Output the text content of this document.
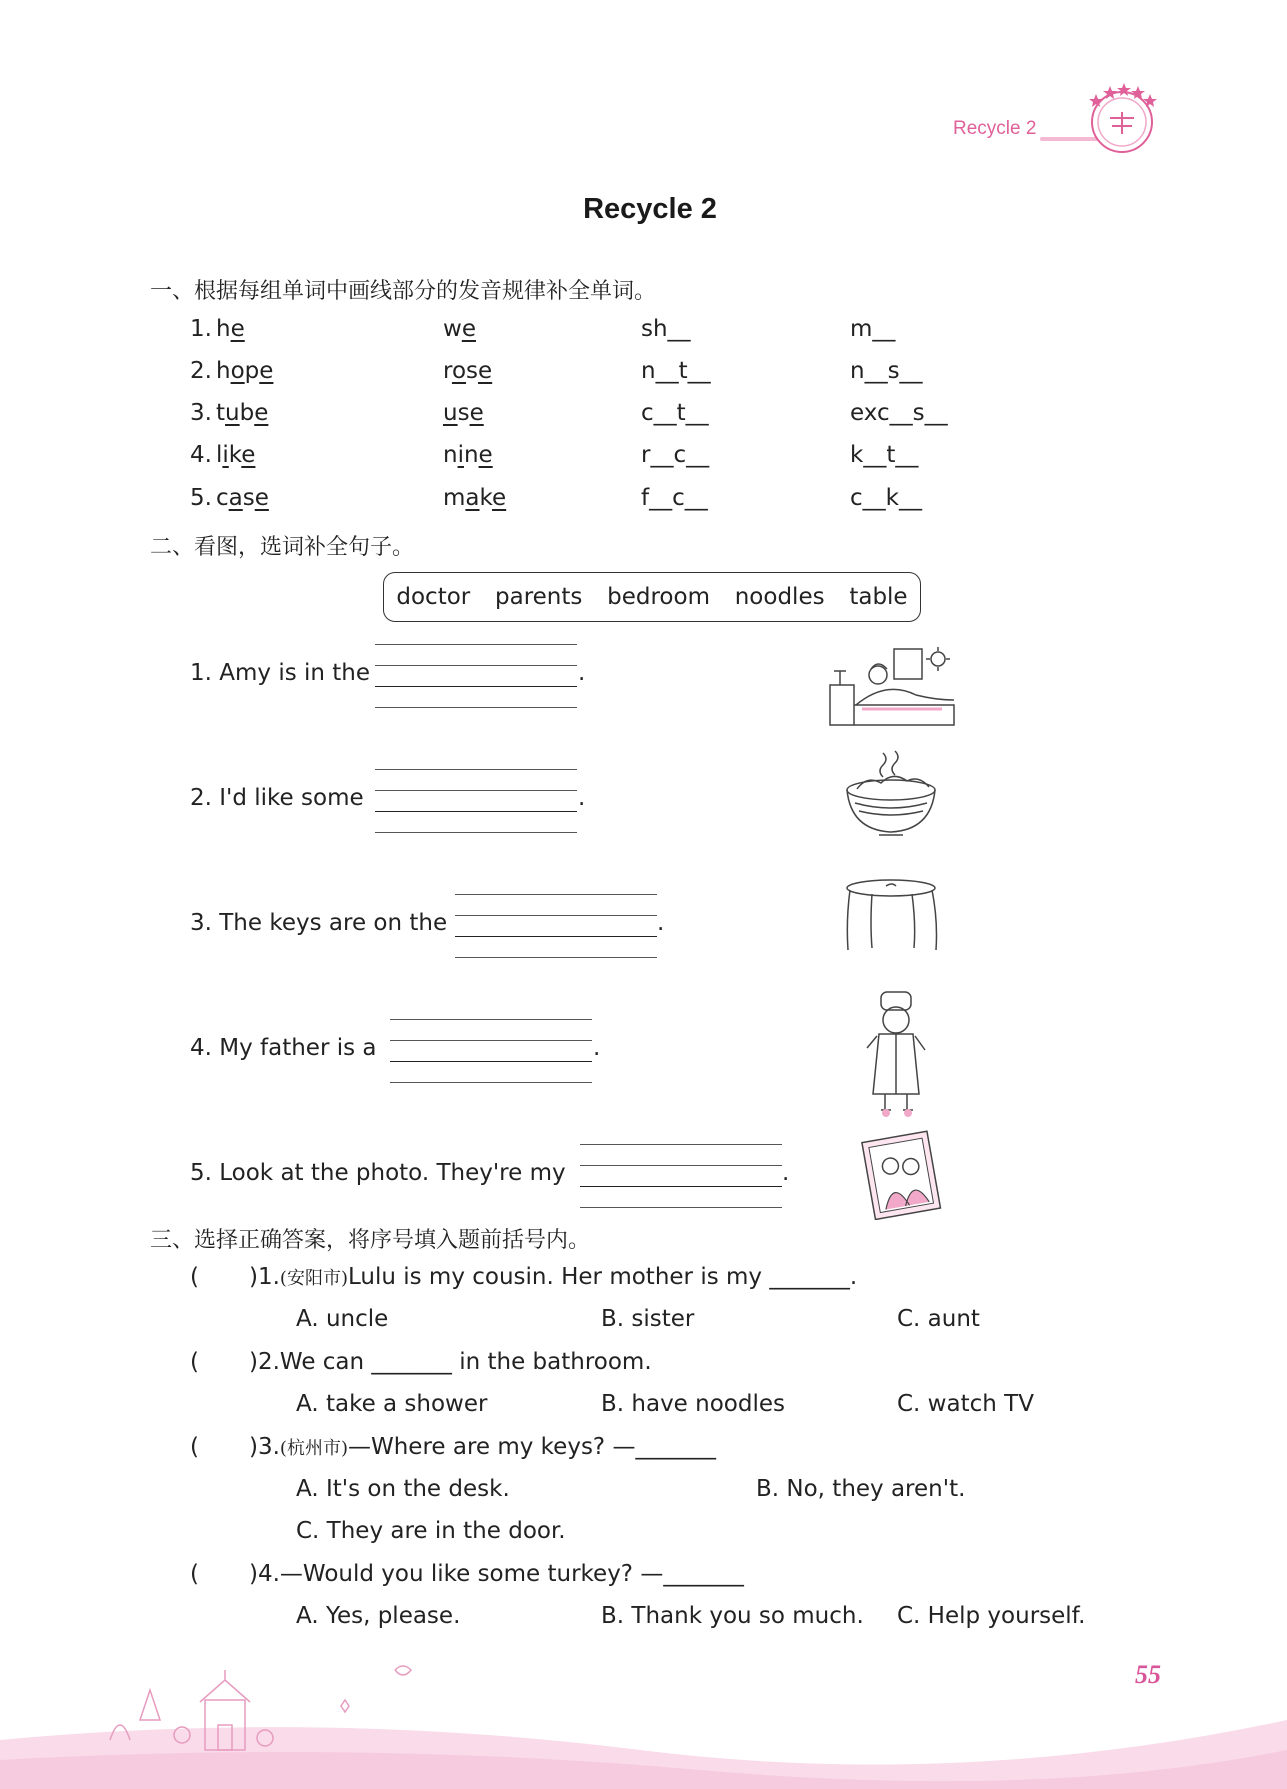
Recycle 2
Recycle 2
一、根据每组单词中画线部分的发音规律补全单词。
1. he	we	sh__	m__
2. hope	rose	n__t__	n__s__
3. tube	use	c__t__	exc__s__
4. like	nine	r__c__	k__t__
5. case	make	f__c__	c__k__
二、看图，选词补全句子。
doctor parents bedroom noodles table
1. Amy is in the	.
2. I'd like some	.
3. The keys are on the	.
4. My father is a	.
5. Look at the photo. They're my	.
三、选择正确答案，将序号填入题前括号内。
( )1.(安阳市)Lulu is my cousin. Her mother is my _______.
A. uncle	B. sister	C. aunt
( )2.We can _______ in the bathroom.
A. take a shower	B. have noodles	C. watch TV
( )3.(杭州市)—Where are my keys? —_______
A. It's on the desk.	B. No, they aren't.
C. They are in the door.
( )4.—Would you like some turkey? —_______
A. Yes, please.	B. Thank you so much. C. Help yourself.
55
